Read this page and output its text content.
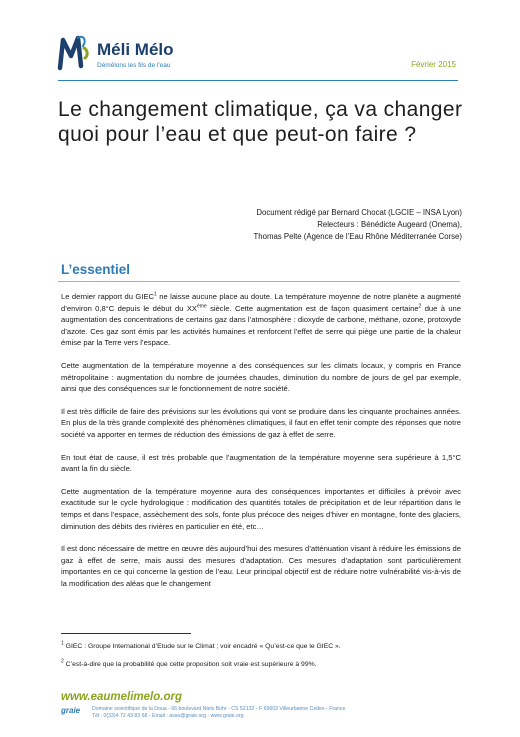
Méli Mélo
Démêlons les fils de l'eau	Février 2015
Le changement climatique, ça va changer quoi pour l’eau et que peut-on faire ?
Document rédigé par Bernard Chocat (LGCIE – INSA Lyon)
Relecteurs : Bénédicte Augeard (Onema),
Thomas Pelte (Agence de l’Eau Rhône Méditerranée Corse)
L’essentiel

Le dernier rapport du GIEC$^1$ ne laisse aucune place au doute. La température moyenne de notre planète a augmenté d’environ 0,8°C depuis le début du XXème siècle. Cette augmentation est de façon quasiment certaine$^2$ due à une augmentation des concentrations de certains gaz dans l’atmosphère : dioxyde de carbone, méthane, ozone, protoxyde d’azote. Ces gaz sont émis par les activités humaines et renforcent l’effet de serre qui piège une partie de la chaleur émise par la Terre vers l’espace.

Cette augmentation de la température moyenne a des conséquences sur les climats locaux, y compris en France métropolitaine : augmentation du nombre de journées chaudes, diminution du nombre de jours de gel par exemple, ainsi que des conséquences sur le fonctionnement de notre société.

Il est très difficile de faire des prévisions sur les évolutions qui vont se produire dans les cinquante prochaines années. En plus de la très grande complexité des phénomènes climatiques, il faut en effet tenir compte des réponses que notre société va apporter en termes de réduction des émissions de gaz à effet de serre.

En tout état de cause, il est très probable que l’augmentation de la température moyenne sera supérieure à 1,5°C avant la fin du siècle.

Cette augmentation de la température moyenne aura des conséquences importantes et difficiles à prévoir avec exactitude sur le cycle hydrologique : modification des quantités totales de précipitation et de leur répartition dans le temps et dans l’espace, assèchement des sols, fonte plus précoce des neiges d’hiver en montagne, fonte des glaciers, diminution des débits des rivières en particulier en été, etc…

Il est donc nécessaire de mettre en œuvre dès aujourd’hui des mesures d’atténuation visant à réduire les émissions de gaz à effet de serre, mais aussi des mesures d’adaptation. Ces mesures d’adaptation sont particulièrement importantes en ce qui concerne la gestion de l’eau. Leur principal objectif est de réduire notre vulnérabilité vis-à-vis de la modification des aléas que le changement

$^1$ GIEC : Groupe International d’Etude sur le Climat ; voir encadré « Qu’est-ce que le GIEC ».
$^2$ C’est-à-dire que la probabilité que cette proposition soit vraie est supérieure à 99%.
www.eaumelimelo.org
graie Domaine scientifique de la Doua - 66 boulevard Niels Bohr - CS 52132 - F 69603 Villeurbanne Cedex - France
Tél : 0(33)4 72 43 83 68 - Email : asso@graie.org - www.graie.org
